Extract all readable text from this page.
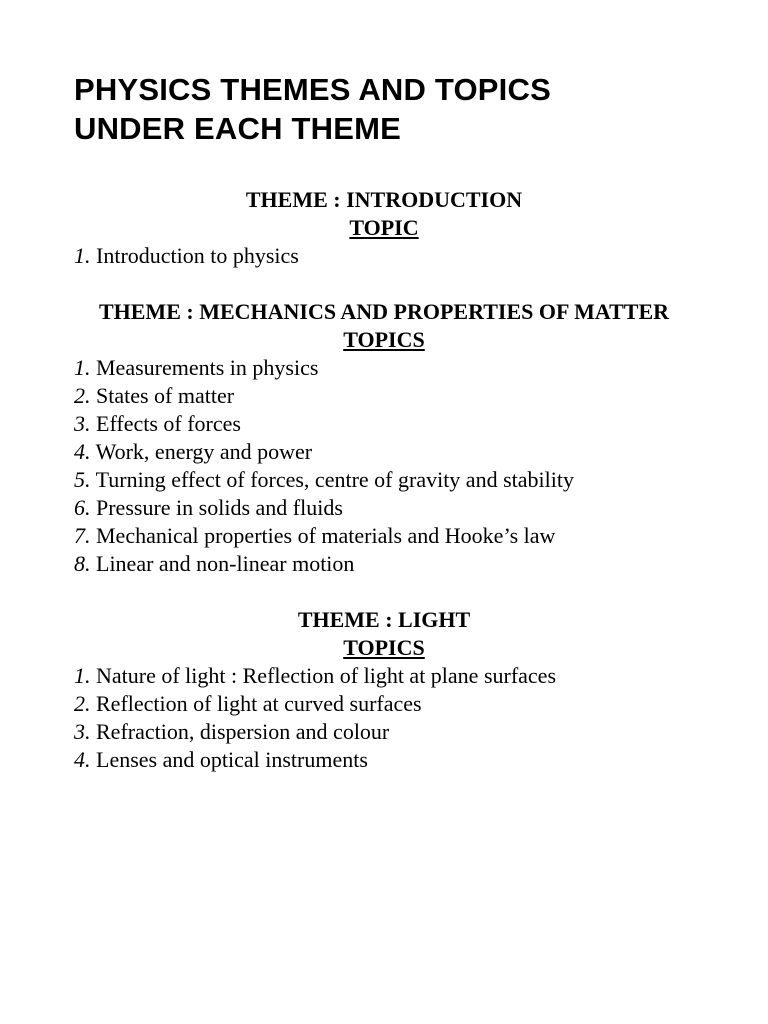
PHYSICS THEMES AND TOPICS
UNDER EACH THEME

THEME : INTRODUCTION

TOPIC

1. Introduction to physics

THEME : MECHANICS AND PROPERTIES OF MATTER

TOPICS

1. Measurements in physics
2. States of matter
3. Effects of forces
4. Work, energy and power
5. Turning effect of forces, centre of gravity and stability
6. Pressure in solids and fluids
7. Mechanical properties of materials and Hooke’s law
8. Linear and non-linear motion

THEME : LIGHT

TOPICS

1. Nature of light : Reflection of light at plane surfaces
2. Reflection of light at curved surfaces
3. Refraction, dispersion and colour
4. Lenses and optical instruments
